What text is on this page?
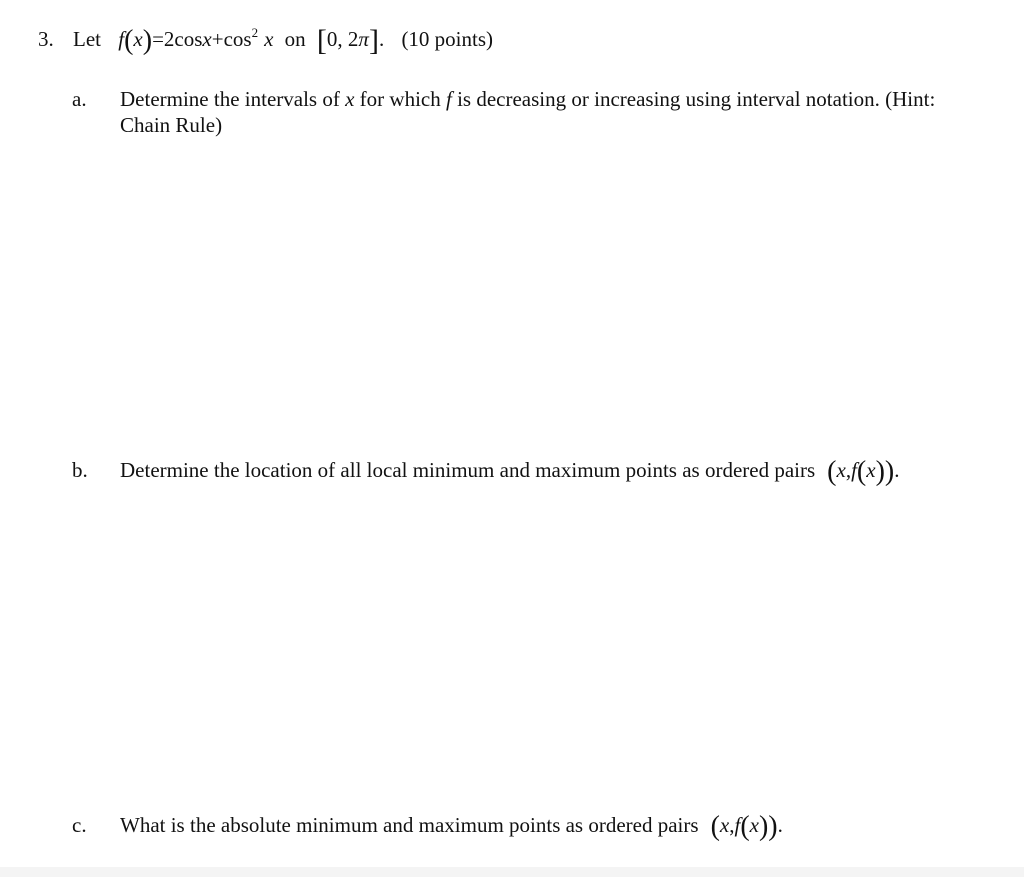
3. Let $f(x)=2\cos x+\cos^2$ x on [0, 2π]. (10 points)
a. Determine the intervals of x for which f is decreasing or increasing using interval notation. (Hint:
Chain Rule)
b. Determine the location of all local minimum and maximum points as ordered pairs (x,f(x)).
c. What is the absolute minimum and maximum points as ordered pairs (x,f(x)).
